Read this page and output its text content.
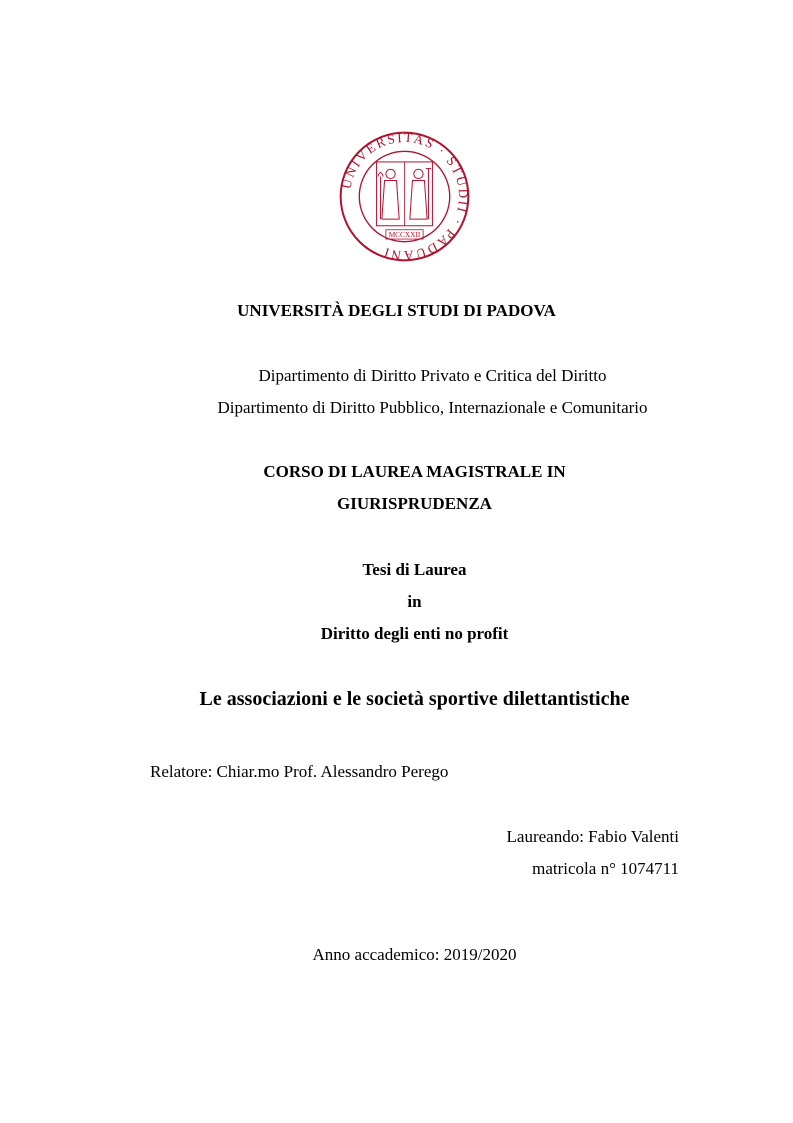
UNIVERSITAS · STUDII · PADUANI
MCCXXII
UNIVERSITÀ DEGLI STUDI DI PADOVA
Dipartimento di Diritto Privato e Critica del Diritto
Dipartimento di Diritto Pubblico, Internazionale e Comunitario
CORSO DI LAUREA MAGISTRALE IN
GIURISPRUDENZA
Tesi di Laurea
in
Diritto degli enti no profit
Le associazioni e le società sportive dilettantistiche
Relatore: Chiar.mo Prof. Alessandro Perego
Laureando: Fabio Valenti
matricola n° 1074711
Anno accademico: 2019/2020
